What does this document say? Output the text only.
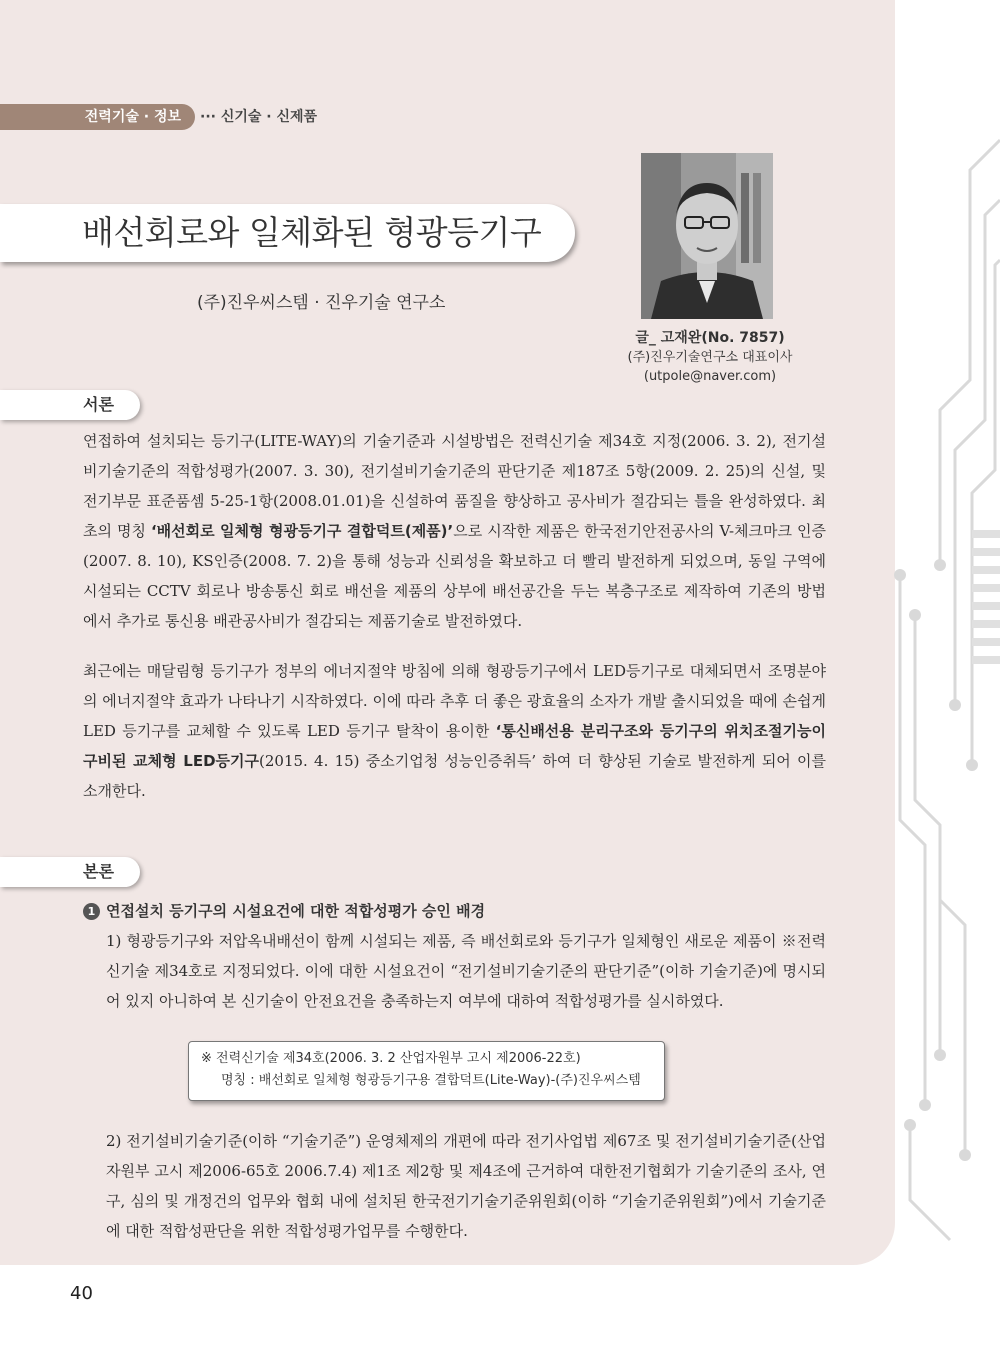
전력기술 · 정보	··· 신기술 · 신제품
배선회로와 일체화된 형광등기구
(주)진우씨스템 · 진우기술 연구소
글_ 고재완(No. 7857)
(주)진우기술연구소 대표이사
(utpole@naver.com)
서론

연접하여 설치되는 등기구(LITE-WAY)의 기술기준과 시설방법은 전력신기술 제34호 지정(2006. 3. 2), 전기설비기술기준의 적합성평가(2007. 3. 30), 전기설비기술기준의 판단기준 제187조 5항(2009. 2. 25)의 신설, 및 전기부문 표준품셈 5-25-1항(2008.01.01)을 신설하여 품질을 향상하고 공사비가 절감되는 틀을 완성하였다. 최초의 명칭 ‘배선회로 일체형 형광등기구 결합덕트(제품)’으로 시작한 제품은 한국전기안전공사의 V-체크마크 인증(2007. 8. 10), KS인증(2008. 7. 2)을 통해 성능과 신뢰성을 확보하고 더 빨리 발전하게 되었으며, 동일 구역에 시설되는 CCTV 회로나 방송통신 회로 배선을 제품의 상부에 배선공간을 두는 복층구조로 제작하여 기존의 방법에서 추가로 통신용 배관공사비가 절감되는 제품기술로 발전하였다.

최근에는 매달림형 등기구가 정부의 에너지절약 방침에 의해 형광등기구에서 LED등기구로 대체되면서 조명분야의 에너지절약 효과가 나타나기 시작하였다. 이에 따라 추후 더 좋은 광효율의 소자가 개발 출시되었을 때에 손쉽게 LED 등기구를 교체할 수 있도록 LED 등기구 탈착이 용이한 ‘통신배선용 분리구조와 등기구의 위치조절기능이 구비된 교체형 LED등기구(2015. 4. 15) 중소기업청 성능인증취득’ 하여 더 향상된 기술로 발전하게 되어 이를 소개한다.

본론
1 연접설치 등기구의 시설요건에 대한 적합성평가 승인 배경

1) 형광등기구와 저압옥내배선이 함께 시설되는 제품, 즉 배선회로와 등기구가 일체형인 새로운 제품이 ※전력신기술 제34호로 지정되었다. 이에 대한 시설요건이 “전기설비기술기준의 판단기준”(이하 기술기준)에 명시되어 있지 아니하여 본 신기술이 안전요건을 충족하는지 여부에 대하여 적합성평가를 실시하였다.

※ 전력신기술 제34호(2006. 3. 2 산업자원부 고시 제2006-22호)
명칭 : 배선회로 일체형 형광등기구용 결합덕트(Lite-Way)-(주)진우씨스템

2) 전기설비기술기준(이하 “기술기준”) 운영체제의 개편에 따라 전기사업법 제67조 및 전기설비기술기준(산업자원부 고시 제2006-65호 2006.7.4) 제1조 제2항 및 제4조에 근거하여 대한전기협회가 기술기준의 조사, 연구, 심의 및 개정건의 업무와 협회 내에 설치된 한국전기기술기준위원회(이하 “기술기준위원회”)에서 기술기준에 대한 적합성판단을 위한 적합성평가업무를 수행한다.

40
